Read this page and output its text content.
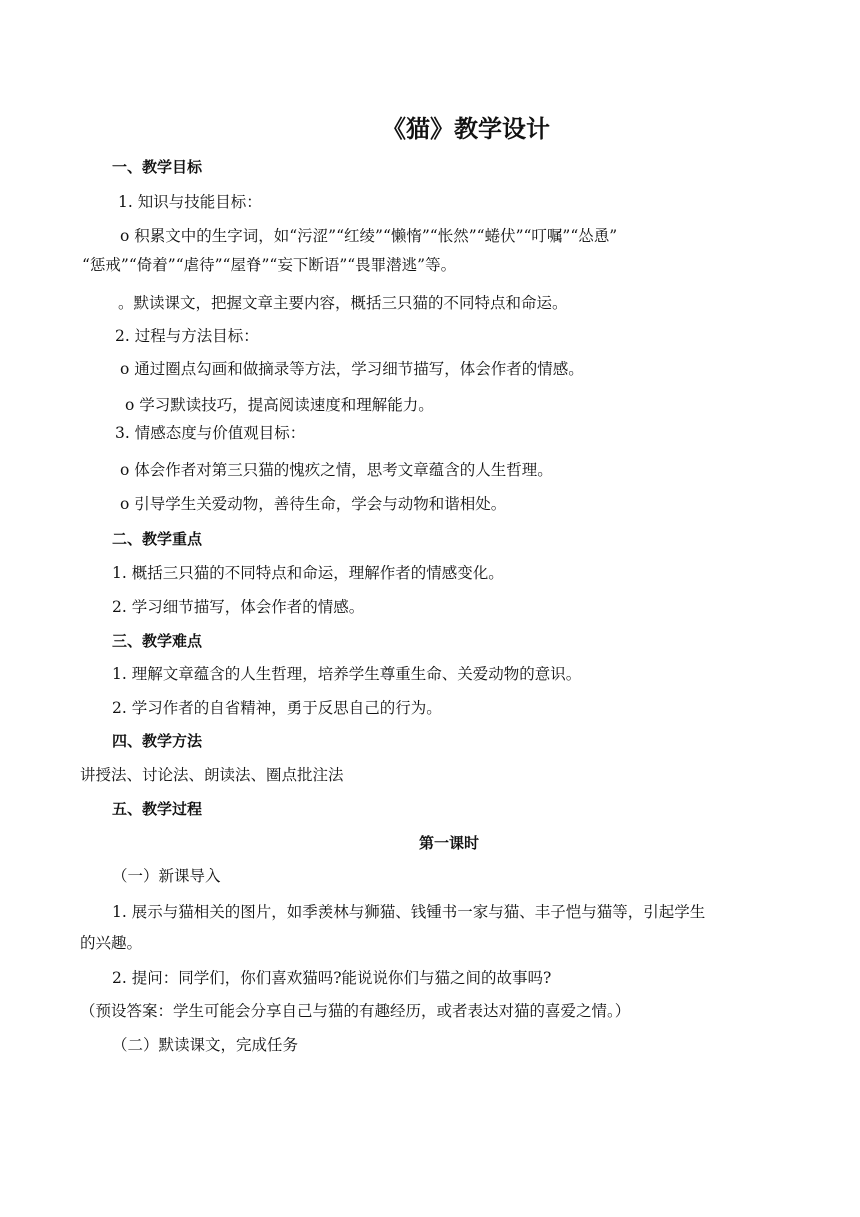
《猫》教学设计
一、教学目标
1. 知识与技能目标：
o 积累文中的生字词，如“污涩”“红绫”“懒惰”“怅然”“蜷伏”“叮嘱”“怂恿”
“惩戒”“倚着”“虐待”“屋脊”“妄下断语”“畏罪潜逃”等。
。默读课文，把握文章主要内容，概括三只猫的不同特点和命运。
2. 过程与方法目标：
o 通过圈点勾画和做摘录等方法，学习细节描写，体会作者的情感。
o 学习默读技巧，提高阅读速度和理解能力。
3. 情感态度与价值观目标：
o 体会作者对第三只猫的愧疚之情，思考文章蕴含的人生哲理。
o 引导学生关爱动物，善待生命，学会与动物和谐相处。
二、教学重点
1. 概括三只猫的不同特点和命运，理解作者的情感变化。
2. 学习细节描写，体会作者的情感。
三、教学难点
1. 理解文章蕴含的人生哲理，培养学生尊重生命、关爱动物的意识。
2. 学习作者的自省精神，勇于反思自己的行为。
四、教学方法
讲授法、讨论法、朗读法、圈点批注法
五、教学过程
第一课时
（一）新课导入
1. 展示与猫相关的图片，如季羡林与狮猫、钱锺书一家与猫、丰子恺与猫等，引起学生
的兴趣。
2. 提问：同学们，你们喜欢猫吗?能说说你们与猫之间的故事吗?
（预设答案：学生可能会分享自己与猫的有趣经历，或者表达对猫的喜爱之情。）
（二）默读课文，完成任务
